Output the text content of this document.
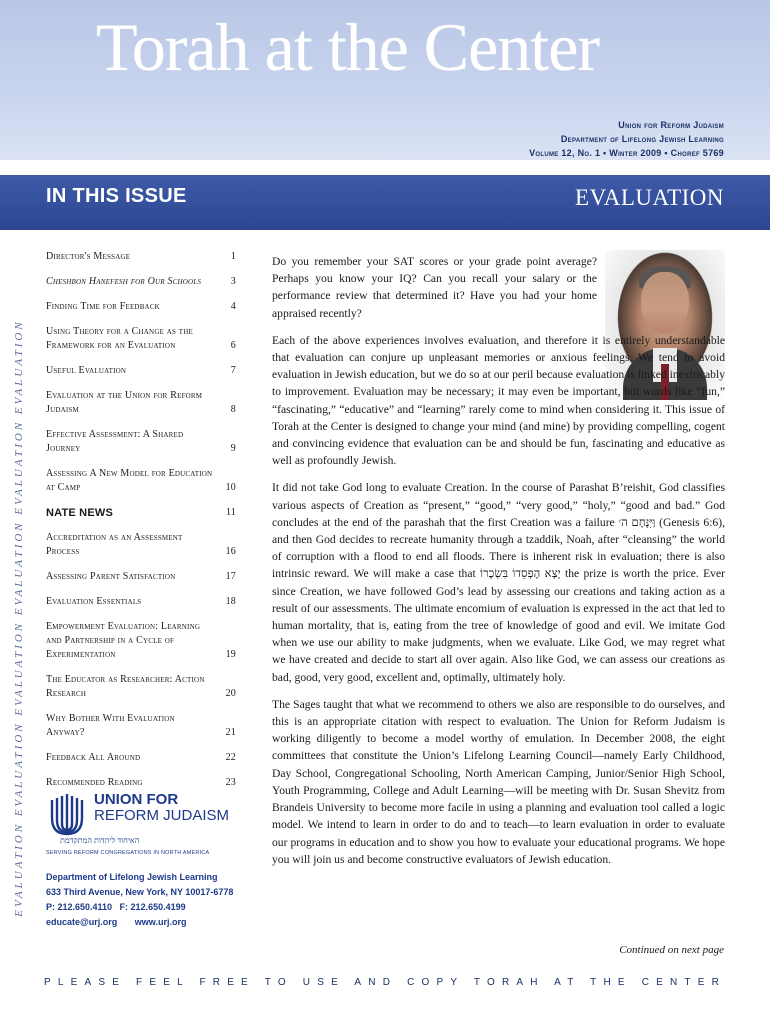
Torah at the Center
Union for Reform Judaism
Department of Lifelong Jewish Learning
Volume 12, No. 1 • Winter 2009 • Choref 5769
IN THIS ISSUE	EVALUATION
EVALUATION EVALUATION EVALUATION EVALUATION EVALUATION EVALUATION
Director's Message	1
Cheshbon Hanefesh for Our Schools	3
Finding Time for Feedback	4
Using Theory for a Change as the Framework for an Evaluation	6
Useful Evaluation	7
Evaluation at the Union for Reform Judaism	8
Effective Assessment: A Shared Journey	9
Assessing A New Model for Education at Camp	10
NATE NEWS	11
Accreditation as an Assessment Process	16
Assessing Parent Satisfaction	17
Evaluation Essentials	18
Empowerment Evaluation: Learning and Partnership in a Cycle of Experimentation	19
The Educator as Researcher: Action Research	20
Why Bother With Evaluation Anyway?	21
Feedback All Around	22
Recommended Reading	23
UNION FOR
REFORM JUDAISM
האיחוד ליהדות המתקדמת
SERVING REFORM CONGREGATIONS IN NORTH AMERICA
Department of Lifelong Jewish Learning
633 Third Avenue, New York, NY 10017-6778
P: 212.650.4110   F: 212.650.4199
educate@urj.org       www.urj.org

Do you remember your SAT scores or your grade point average? Perhaps you know your IQ? Can you recall your salary or the performance review that determined it? Have you had your home appraised recently?

Each of the above experiences involves evaluation, and therefore it is entirely understandable that evaluation can conjure up unpleasant memories or anxious feelings. We tend to avoid evaluation in Jewish education, but we do so at our peril because evaluation is linked inextricably to improvement. Evaluation may be necessary; it may even be important, but words like “fun,” “fascinating,” “educative” and “learning” rarely come to mind when considering it. This issue of Torah at the Center is designed to change your mind (and mine) by providing compelling, cogent and convincing evidence that evaluation can be and should be fun, fascinating and educative as well as profoundly Jewish.

It did not take God long to evaluate Creation. In the course of Parashat B’reishit, God classifies various aspects of Creation as “present,” “good,” “very good,” “holy,” “good and bad.” God concludes at the end of the parashah that the first Creation was a failure וַּיִּנָּחֶם ה׳ (Genesis 6:6), and then God decides to recreate humanity through a tzaddik, Noah, after “cleansing” the world of corruption with a flood to end all floods. There is inherent risk in evaluation; there is also intrinsic reward. We will make a case that יָצָא הֶפְסֵדוֹ בִּשְׂכָרוֹ the prize is worth the price. Ever since Creation, we have followed God’s lead by assessing our creations and taking action as a result of our assessments. The ultimate encomium of evaluation is expressed in the act that led to human mortality, that is, eating from the tree of knowledge of good and evil. We imitate God when we use our ability to make judgments, when we evaluate. Like God, we may regret what we have created and decide to start all over again. Also like God, we can assess our creations as bad, good, very good, excellent and, optimally, ultimately holy.

The Sages taught that what we recommend to others we also are responsible to do ourselves, and this is an appropriate citation with respect to evaluation. The Union for Reform Judaism is working diligently to become a model worthy of emulation. In December 2008, the eight committees that constitute the Union’s Lifelong Learning Council—namely Early Childhood, Day School, Congregational Schooling, North American Camping, Junior/Senior High School, Youth Programming, College and Adult Learning—will be meeting with Dr. Susan Shevitz from Brandeis University to become more facile in using a planning and evaluation tool called a logic model. We intend to learn in order to do and to teach—to learn evaluation in order to evaluate our programs in education and to show you how to evaluate your educational programs. We hope you will join us and become constructive evaluators of Jewish education.

Continued on next page
PLEASE FEEL FREE TO USE AND COPY TORAH AT THE CENTER
